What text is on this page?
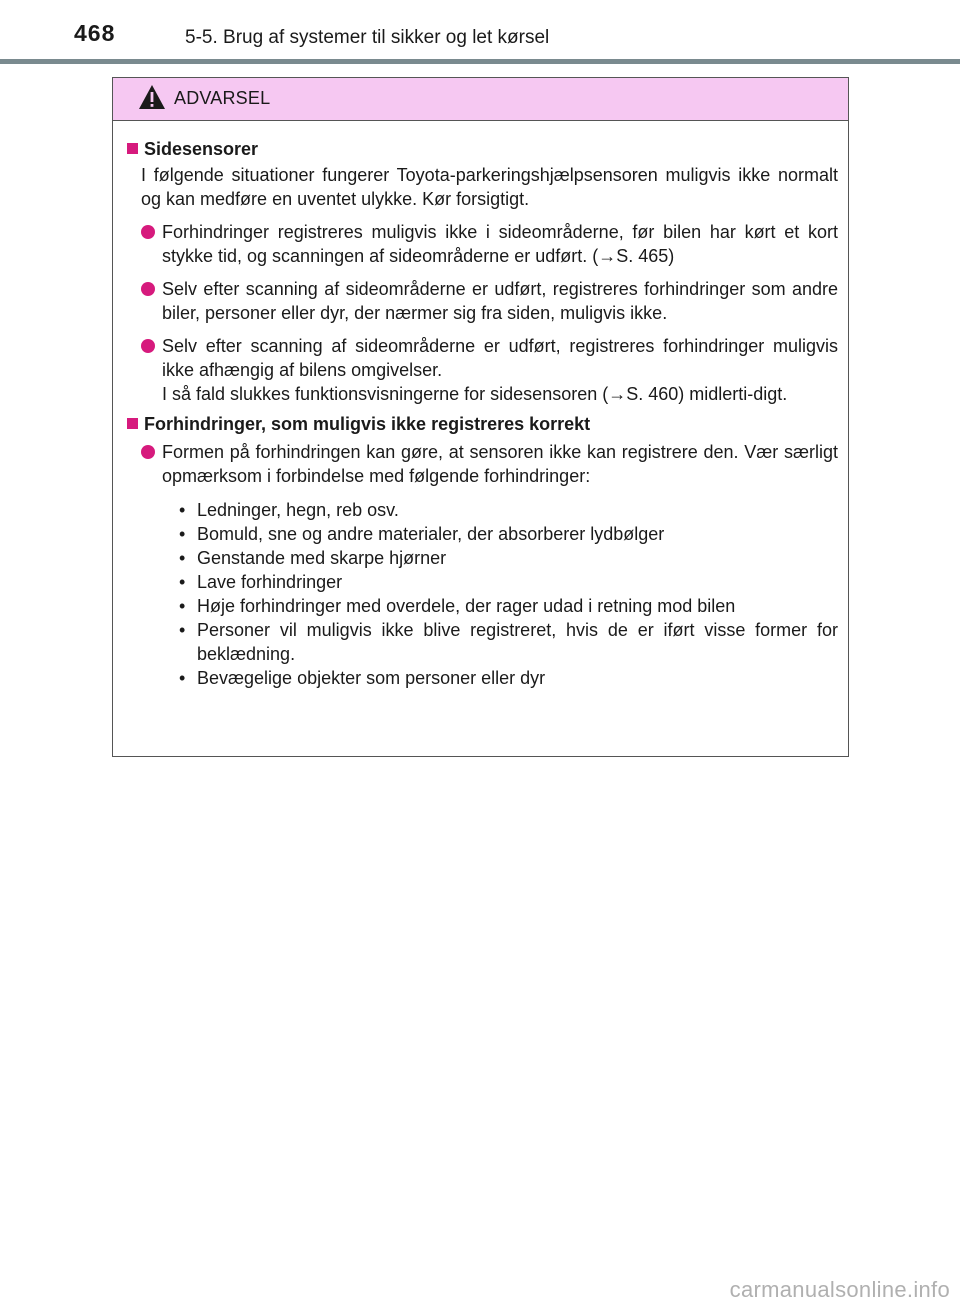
468	5-5. Brug af systemer til sikker og let kørsel
ADVARSEL
Sidesensorer

I følgende situationer fungerer Toyota-parkeringshjælpsensoren muligvis ikke normalt og kan medføre en uventet ulykke. Kør forsigtigt.

Forhindringer registreres muligvis ikke i sideområderne, før bilen har kørt et kort stykke tid, og scanningen af sideområderne er udført. (→S. 465)
Selv efter scanning af sideområderne er udført, registreres forhindringer som andre biler, personer eller dyr, der nærmer sig fra siden, muligvis ikke.
Selv efter scanning af sideområderne er udført, registreres forhindringer muligvis ikke afhængig af bilens omgivelser.
I så fald slukkes funktionsvisningerne for sidesensoren (→S. 460) midlerti-digt.
Forhindringer, som muligvis ikke registreres korrekt
Formen på forhindringen kan gøre, at sensoren ikke kan registrere den. Vær særligt opmærksom i forbindelse med følgende forhindringer:
• Ledninger, hegn, reb osv.
• Bomuld, sne og andre materialer, der absorberer lydbølger
• Genstande med skarpe hjørner
• Lave forhindringer
• Høje forhindringer med overdele, der rager udad i retning mod bilen
• Personer vil muligvis ikke blive registreret, hvis de er iført visse former for beklædning.
• Bevægelige objekter som personer eller dyr
carmanualsonline.info
